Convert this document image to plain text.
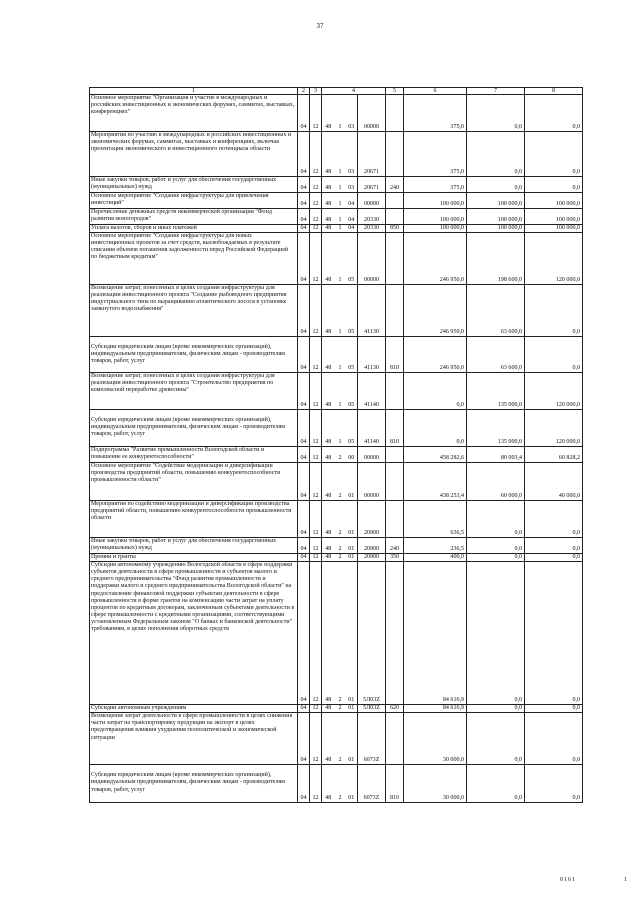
37
1	2	3	4				5	6	7	8
Основное мероприятие "Организация и участие в международных и российских инвестиционных и экономических форумах, саммитах, выставках, конференциях"	04	12	48	1	03	00000		375,0	0,0	0,0
Мероприятия по участию в международных и российских инвестиционных и экономических форумах, саммитах, выставках и конференциях, включая презентации экономического и инвестиционного потенциала области	04	12	48	1	03	20671		375,0	0,0	0,0
Иные закупки товаров, работ и услуг для обеспечения государственных (муниципальных) нужд	04	12	48	1	03	20671	240	375,0	0,0	0,0
Основное мероприятие "Создание инфраструктуры для привлечения инвестиций"	04	12	48	1	04	00000		100 000,0	100 000,0	100 000,0
Перечисление денежных средств некоммерческой организации "Фонд развития моногородов"	04	12	48	1	04	20330		100 000,0	100 000,0	100 000,0
Уплата налогов, сборов и иных платежей	04	12	48	1	04	20330	850	100 000,0	100 000,0	100 000,0
Основное мероприятие "Создание инфраструктуры для новых инвестиционных проектов за счет средств, высвобождаемых в результате списания объемов погашения задолженности перед Российской Федерацией по бюджетным кредитам"	04	12	48	1	05	00000		246 950,0	198 600,0	120 000,0
Возмещение затрат, понесенных в целях создания инфраструктуры для реализации инвестиционного проекта "Создание рыбоводного предприятия индустриального типа по выращиванию атлантического лосося в установке замкнутого водоснабжения"	04	12	48	1	05	41130		246 950,0	63 600,0	0,0

Субсидии юридическим лицам (кроме некоммерческих организаций), индивидуальным предпринимателям, физическим лицам - производителям товаров, работ, услуг	04	12	48	1	05	41130	810	246 950,0	63 600,0	0,0
Возмещение затрат, понесенных в целях создания инфраструктуры для реализации инвестиционного проекта "Строительство предприятия по комплексной переработке древесины"	04	12	48	1	05	41140		0,0	135 000,0	120 000,0

Субсидии юридическим лицам (кроме некоммерческих организаций), индивидуальным предпринимателям, физическим лицам - производителям товаров, работ, услуг	04	12	48	1	05	41140	810	0,0	135 000,0	120 000,0
Подпрограмма "Развитие промышленности Вологодской области и повышение ее конкурентоспособности"	04	12	48	2	00	00000		458 282,6	80 003,4	60 828,2
Основное мероприятие "Содействие модернизации и диверсификации производства предприятий области, повышению конкурентоспособности промышленности области"	04	12	48	2	01	00000		438 253,4	60 000,0	40 000,0
Мероприятия по содействию модернизации и диверсификации производства предприятий области, повышению конкурентоспособности промышленности области	04	12	48	2	01	20900		636,5	0,0	0,0
Иные закупки товаров, работ и услуг для обеспечения государственных (муниципальных) нужд	04	12	48	2	01	20900	240	236,5	0,0	0,0
Премии и гранты	04	12	48	2	01	20900	350	400,0	0,0	0,0
Субсидия автономному учреждению Вологодской области в сфере поддержки субъектов деятельности в сфере промышленности и субъектов малого и среднего предпринимательства "Фонд развития промышленности и поддержки малого и среднего предпринимательства Вологодской области" на предоставление финансовой поддержки субъектам деятельности в сфере промышленности в форме грантов на компенсацию части затрат на уплату процентов по кредитным договорам, заключенным субъектами деятельности в сфере промышленности с кредитными организациями, соответствующими установленным Федеральным законом "О банках и банковской деятельности" требованиям, в целях пополнения оборотных средств	04	12	48	2	01	5Л03Z		84 616,9	0,0	0,0
Субсидии автономным учреждениям	04	12	48	2	01	5Л03Z	620	84 616,9	0,0	0,0
Возмещение затрат деятельности в сфере промышленности в целях снижения части затрат на транспортировку продукции на экспорт в целях предотвращения влияния ухудшения геополитической и экономической ситуации	04	12	48	2	01	6073Z		30 000,0	0,0	0,0

Субсидии юридическим лицам (кроме некоммерческих организаций), индивидуальным предпринимателям, физическим лицам - производителям товаров, работ, услуг	04	12	48	2	01	6073Z	810	30 000,0	0,0	0,0
0161	1
